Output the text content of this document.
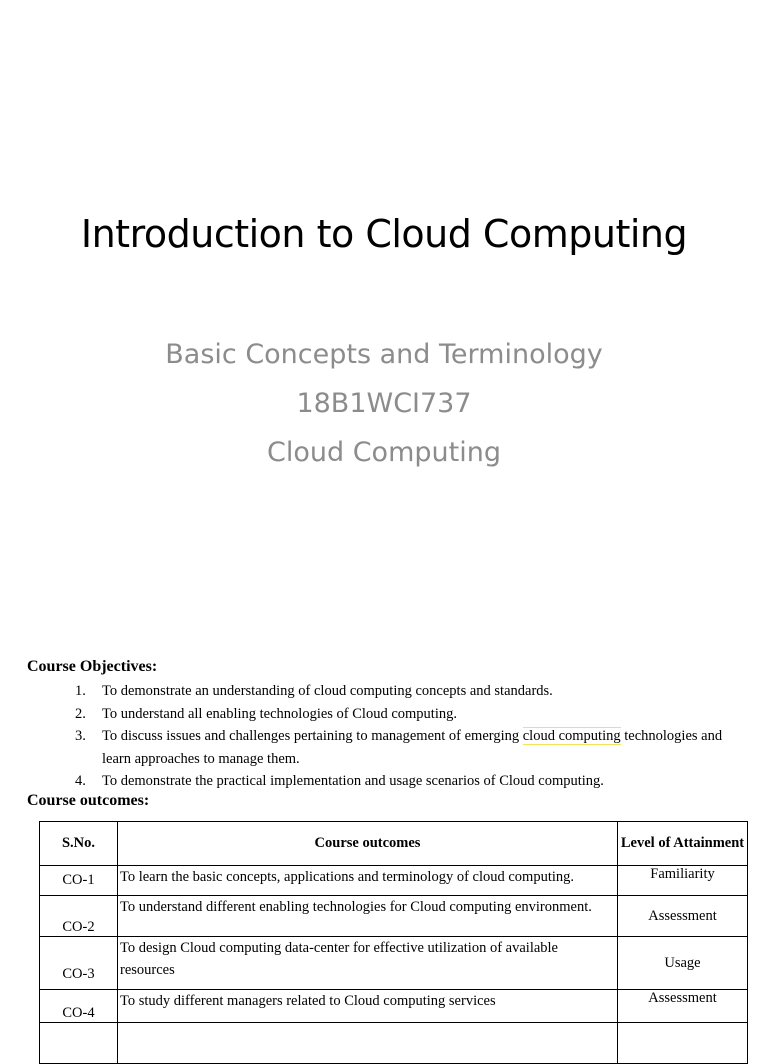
Introduction to Cloud Computing
Basic Concepts and Terminology
18B1WCI737
Cloud Computing
Course Objectives:
1. To demonstrate an understanding of cloud computing concepts and standards.
2. To understand all enabling technologies of Cloud computing.
3. To discuss issues and challenges pertaining to management of emerging cloud computing technologies and learn approaches to manage them.
4. To demonstrate the practical implementation and usage scenarios of Cloud computing.
Course outcomes:
S.No.	Course outcomes	Level of Attainment
CO-1	To learn the basic concepts, applications and terminology of cloud computing.	Familiarity
CO-2	To understand different enabling technologies for Cloud computing environment.	Assessment
CO-3	To design Cloud computing data-center for effective utilization of available resources	Usage
CO-4	To study different managers related to Cloud computing services	Assessment
